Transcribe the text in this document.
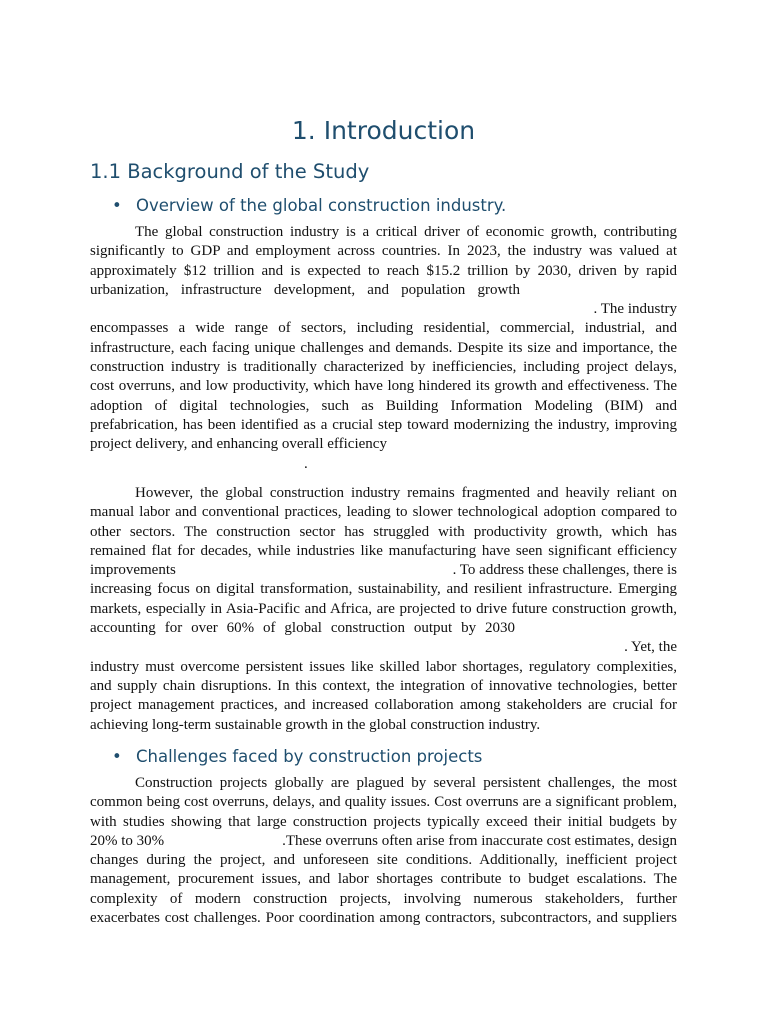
1. Introduction
1.1 Background of the Study
• Overview of the global construction industry.
The global construction industry is a critical driver of economic growth, contributing
significantly to GDP and employment across countries. In 2023, the industry was valued at
approximately $12 trillion and is expected to reach $15.2 trillion by 2030, driven by rapid
urbanization, infrastructure development, and population growth
. The industry
encompasses a wide range of sectors, including residential, commercial, industrial, and
infrastructure, each facing unique challenges and demands. Despite its size and importance, the
construction industry is traditionally characterized by inefficiencies, including project delays,
cost overruns, and low productivity, which have long hindered its growth and effectiveness. The
adoption of digital technologies, such as Building Information Modeling (BIM) and
prefabrication, has been identified as a crucial step toward modernizing the industry, improving
project delivery, and enhancing overall efficiency
.
However, the global construction industry remains fragmented and heavily reliant on
manual labor and conventional practices, leading to slower technological adoption compared to
other sectors. The construction sector has struggled with productivity growth, which has
remained flat for decades, while industries like manufacturing have seen significant efficiency
improvements	. To address these challenges, there is
increasing focus on digital transformation, sustainability, and resilient infrastructure. Emerging
markets, especially in Asia-Pacific and Africa, are projected to drive future construction growth,
accounting for over 60% of global construction output by 2030
. Yet, the
industry must overcome persistent issues like skilled labor shortages, regulatory complexities,
and supply chain disruptions. In this context, the integration of innovative technologies, better
project management practices, and increased collaboration among stakeholders are crucial for
achieving long-term sustainable growth in the global construction industry.
• Challenges faced by construction projects
Construction projects globally are plagued by several persistent challenges, the most
common being cost overruns, delays, and quality issues. Cost overruns are a significant problem,
with studies showing that large construction projects typically exceed their initial budgets by
20% to 30%	.These overruns often arise from inaccurate cost estimates, design
changes during the project, and unforeseen site conditions. Additionally, inefficient project
management, procurement issues, and labor shortages contribute to budget escalations. The
complexity of modern construction projects, involving numerous stakeholders, further
exacerbates cost challenges. Poor coordination among contractors, subcontractors, and suppliers
